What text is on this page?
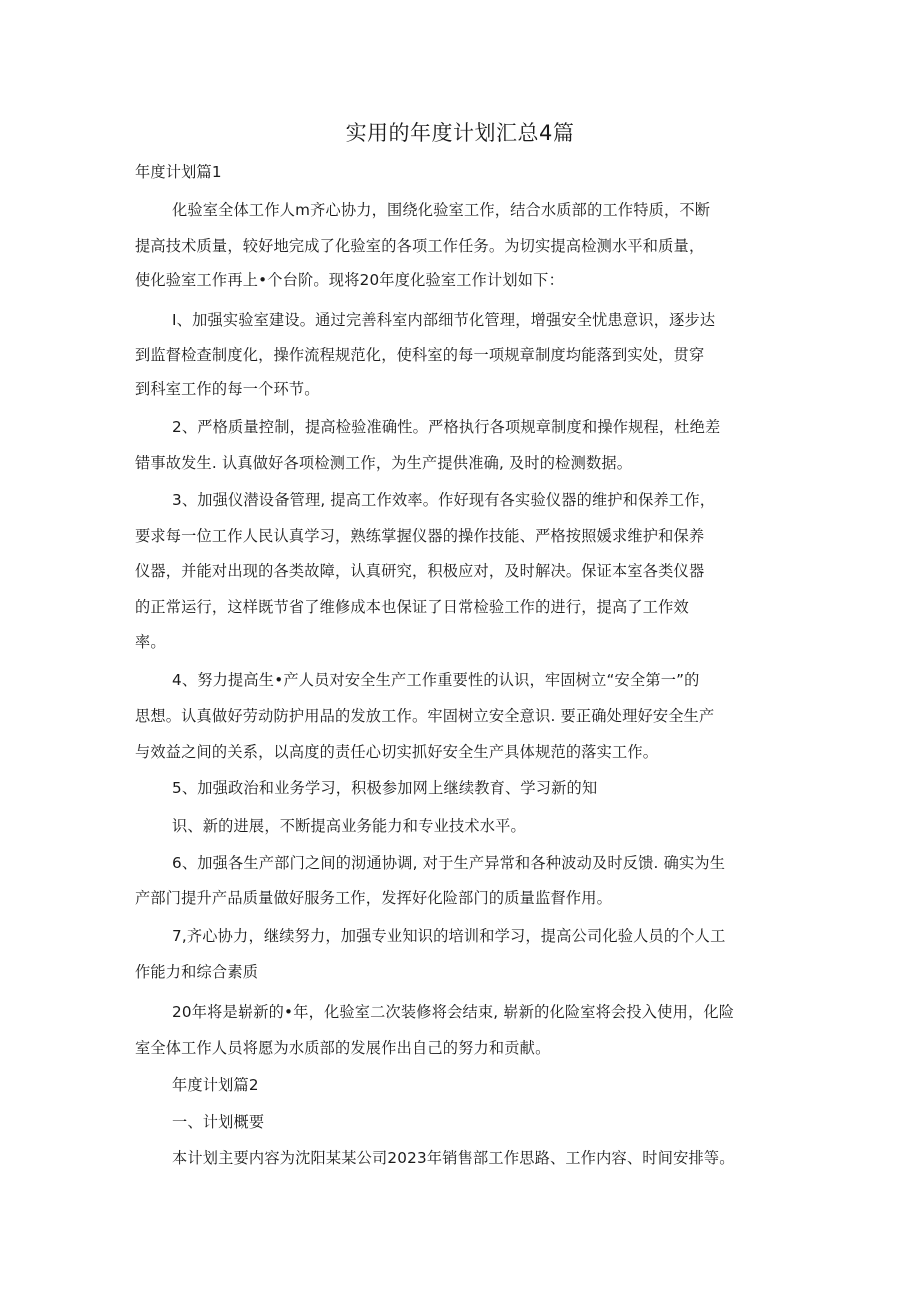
实用的年度计划汇总4篇
年度计划篇1
化验室全体工作人m齐心协力，围绕化验室工作，结合水质部的工作特质，不断
提高技术质量，较好地完成了化验室的各项工作任务。为切实提高检测水平和质量，
使化验室工作再上•个台阶。现将20年度化验室工作计划如下：
I、加强实验室建设。通过完善科室内部细节化管理，增强安全忧患意识，逐步达
到监督检查制度化，操作流程规范化，使科室的每一项规章制度均能落到实处，贯穿
到科室工作的每一个环节。
2、严格质量控制，提高检验准确性。严格执行各项规章制度和操作规程，杜绝差
错事故发生. 认真做好各项检测工作，为生产提供准确, 及时的检测数据。
3、加强仪潜设备管理, 提高工作效率。作好现有各实验仪器的维护和保养工作，
要求每一位工作人民认真学习，熟练掌握仪器的操作技能、严格按照媛求维护和保养
仪器，并能对出现的各类故障，认真研究，积极应对，及时解决。保证本室各类仪器
的正常运行，这样既节省了维修成本也保证了日常检验工作的进行，提高了工作效
率。
4、努力提高生•产人员对安全生产工作重要性的认识，牢固树立“安全第一”的
思想。认真做好劳动防护用品的发放工作。牢固树立安全意识. 要正确处理好安全生产
与效益之间的关系，以高度的责任心切实抓好安全生产具体规范的落实工作。
5、加强政治和业务学习，积极参加网上继续教育、学习新的知
识、新的进展，不断提高业务能力和专业技术水平。
6、加强各生产部门之间的沏通协调, 对于生产异常和各种波动及时反馈. 确实为生
产部门提升产品质量做好服务工作，发挥好化险部门的质量监督作用。
7,齐心协力，继续努力，加强专业知识的培训和学习，提高公司化验人员的个人工
作能力和综合素质
20年将是崭新的•年，化验室二次装修将会结束, 崭新的化险室将会投入使用，化险
室全体工作人员将愿为水质部的发展作出自己的努力和贡献。
年度计划篇2
一、计划概要
本计划主要内容为沈阳某某公司2023年销售部工作思路、工作内容、时间安排等。
